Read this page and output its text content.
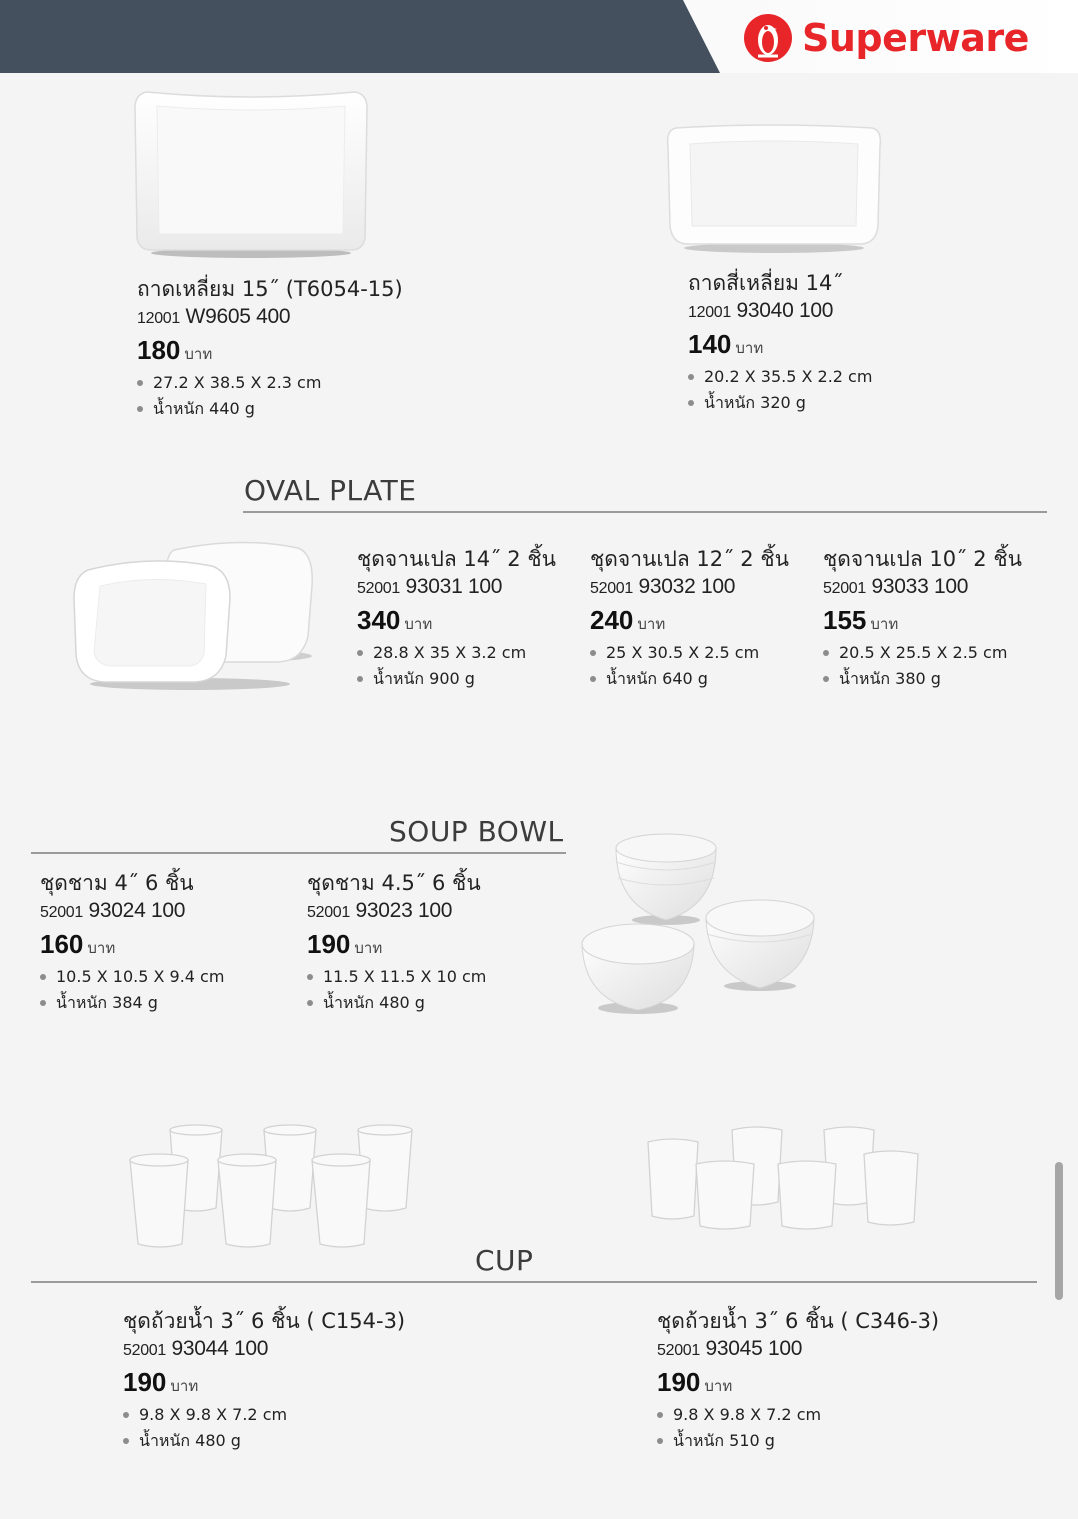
Superware
ถาดเหลี่ยม 15˝ (T6054-15)
12001 W9605 400
180 บาท
27.2 X 38.5 X 2.3 cm
น้ำหนัก 440 g
ถาดสี่เหลี่ยม 14˝
12001 93040 100
140 บาท
20.2 X 35.5 X 2.2 cm
น้ำหนัก 320 g
OVAL PLATE
ชุดจานเปล 14˝ 2 ชิ้น
52001 93031 100
340 บาท
28.8 X 35 X 3.2 cm
น้ำหนัก 900 g
ชุดจานเปล 12˝ 2 ชิ้น
52001 93032 100
240 บาท
25 X 30.5 X 2.5 cm
น้ำหนัก 640 g
ชุดจานเปล 10˝ 2 ชิ้น
52001 93033 100
155 บาท
20.5 X 25.5 X 2.5 cm
น้ำหนัก 380 g
SOUP BOWL
ชุดชาม 4˝ 6 ชิ้น
52001 93024 100
160 บาท
10.5 X 10.5 X 9.4 cm
น้ำหนัก 384 g
ชุดชาม 4.5˝ 6 ชิ้น
52001 93023 100
190 บาท
11.5 X 11.5 X 10 cm
น้ำหนัก 480 g
CUP
ชุดถ้วยน้ำ 3˝ 6 ชิ้น ( C154-3)
52001 93044 100
190 บาท
9.8 X 9.8 X 7.2 cm
น้ำหนัก 480 g
ชุดถ้วยน้ำ 3˝ 6 ชิ้น ( C346-3)
52001 93045 100
190 บาท
9.8 X 9.8 X 7.2 cm
น้ำหนัก 510 g
